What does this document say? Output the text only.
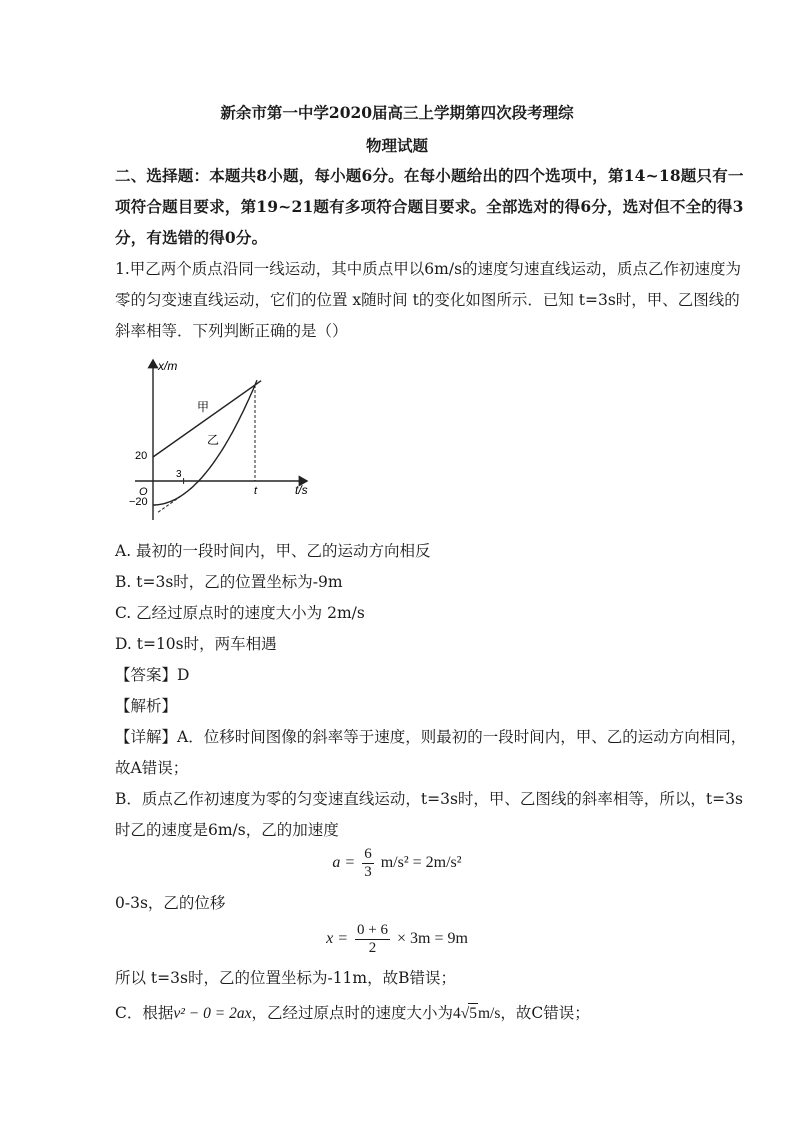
新余市第一中学2020届高三上学期第四次段考理综
物理试题
二、选择题：本题共8小题，每小题6分。在每小题给出的四个选项中，第14~18题只有一
项符合题目要求，第19~21题有多项符合题目要求。全部选对的得6分，选对但不全的得3
分，有选错的得0分。
1.甲乙两个质点沿同一线运动，其中质点甲以6m/s的速度匀速直线运动，质点乙作初速度为
零的匀变速直线运动，它们的位置 x随时间 t的变化如图所示．已知 t=3s时，甲、乙图线的
斜率相等．下列判断正确的是（）
x/m
t/s
O
20
−20
3
t
甲
乙
A. 最初的一段时间内，甲、乙的运动方向相反
B. t=3s时，乙的位置坐标为-9m
C. 乙经过原点时的速度大小为 2m/s
D. t=10s时，两车相遇
【答案】D
【解析】
【详解】A．位移时间图像的斜率等于速度，则最初的一段时间内，甲、乙的运动方向相同，
故A错误；
B．质点乙作初速度为零的匀变速直线运动，t=3s时，甲、乙图线的斜率相等，所以，t=3s
时乙的速度是6m/s，乙的加速度
$a = \frac{6}{3} m/s^2 = 2m/s^2$
0-3s，乙的位移
$x = \frac{0 + 6}{2} \times 3m = 9m$
所以 t=3s时，乙的位置坐标为-11m，故B错误；
C．根据v² − 0 = 2ax，乙经过原点时的速度大小为4√5m/s，故C错误；
